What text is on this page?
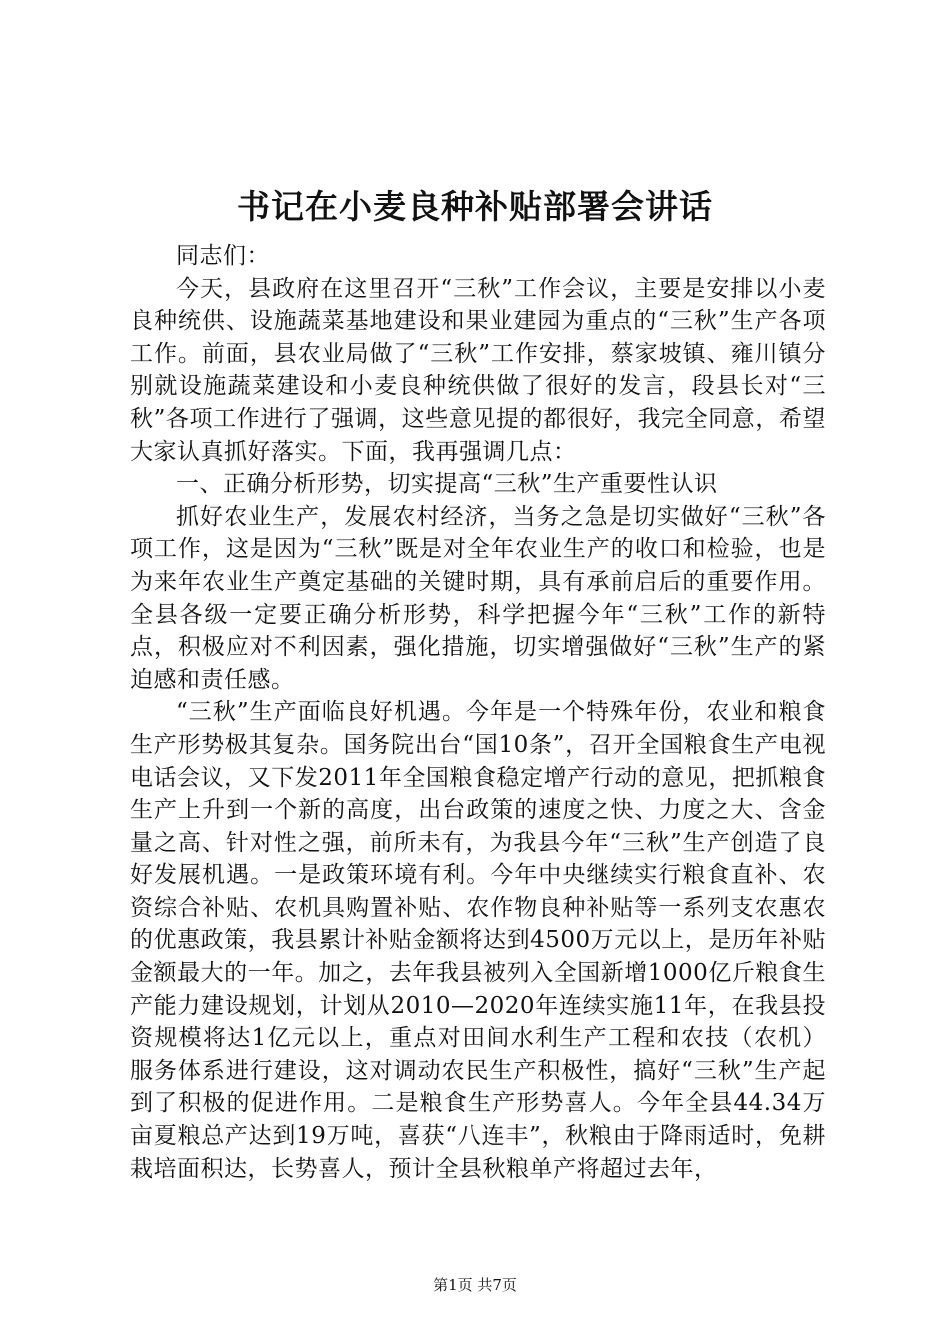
书记在小麦良种补贴部署会讲话

同志们：

今天，县政府在这里召开“三秋”工作会议，主要是安排以小麦良种统供、设施蔬菜基地建设和果业建园为重点的“三秋”生产各项工作。前面，县农业局做了“三秋”工作安排，蔡家坡镇、雍川镇分别就设施蔬菜建设和小麦良种统供做了很好的发言，段县长对“三秋”各项工作进行了强调，这些意见提的都很好，我完全同意，希望大家认真抓好落实。下面，我再强调几点：

一、正确分析形势，切实提高“三秋”生产重要性认识

抓好农业生产，发展农村经济，当务之急是切实做好“三秋”各项工作，这是因为“三秋”既是对全年农业生产的收口和检验，也是为来年农业生产奠定基础的关键时期，具有承前启后的重要作用。全县各级一定要正确分析形势，科学把握今年“三秋”工作的新特点，积极应对不利因素，强化措施，切实增强做好“三秋”生产的紧迫感和责任感。

“三秋”生产面临良好机遇。今年是一个特殊年份，农业和粮食生产形势极其复杂。国务院出台“国10条”，召开全国粮食生产电视电话会议，又下发2011年全国粮食稳定增产行动的意见，把抓粮食生产上升到一个新的高度，出台政策的速度之快、力度之大、含金量之高、针对性之强，前所未有，为我县今年“三秋”生产创造了良好发展机遇。一是政策环境有利。今年中央继续实行粮食直补、农资综合补贴、农机具购置补贴、农作物良种补贴等一系列支农惠农的优惠政策，我县累计补贴金额将达到4500万元以上，是历年补贴金额最大的一年。加之，去年我县被列入全国新增1000亿斤粮食生产能力建设规划，计划从2010—2020年连续实施11年，在我县投资规模将达1亿元以上，重点对田间水利生产工程和农技（农机）服务体系进行建设，这对调动农民生产积极性，搞好“三秋”生产起到了积极的促进作用。二是粮食生产形势喜人。今年全县44.34万亩夏粮总产达到19万吨，喜获“八连丰”，秋粮由于降雨适时，免耕栽培面积达，长势喜人，预计全县秋粮单产将超过去年，

第1页 共7页
